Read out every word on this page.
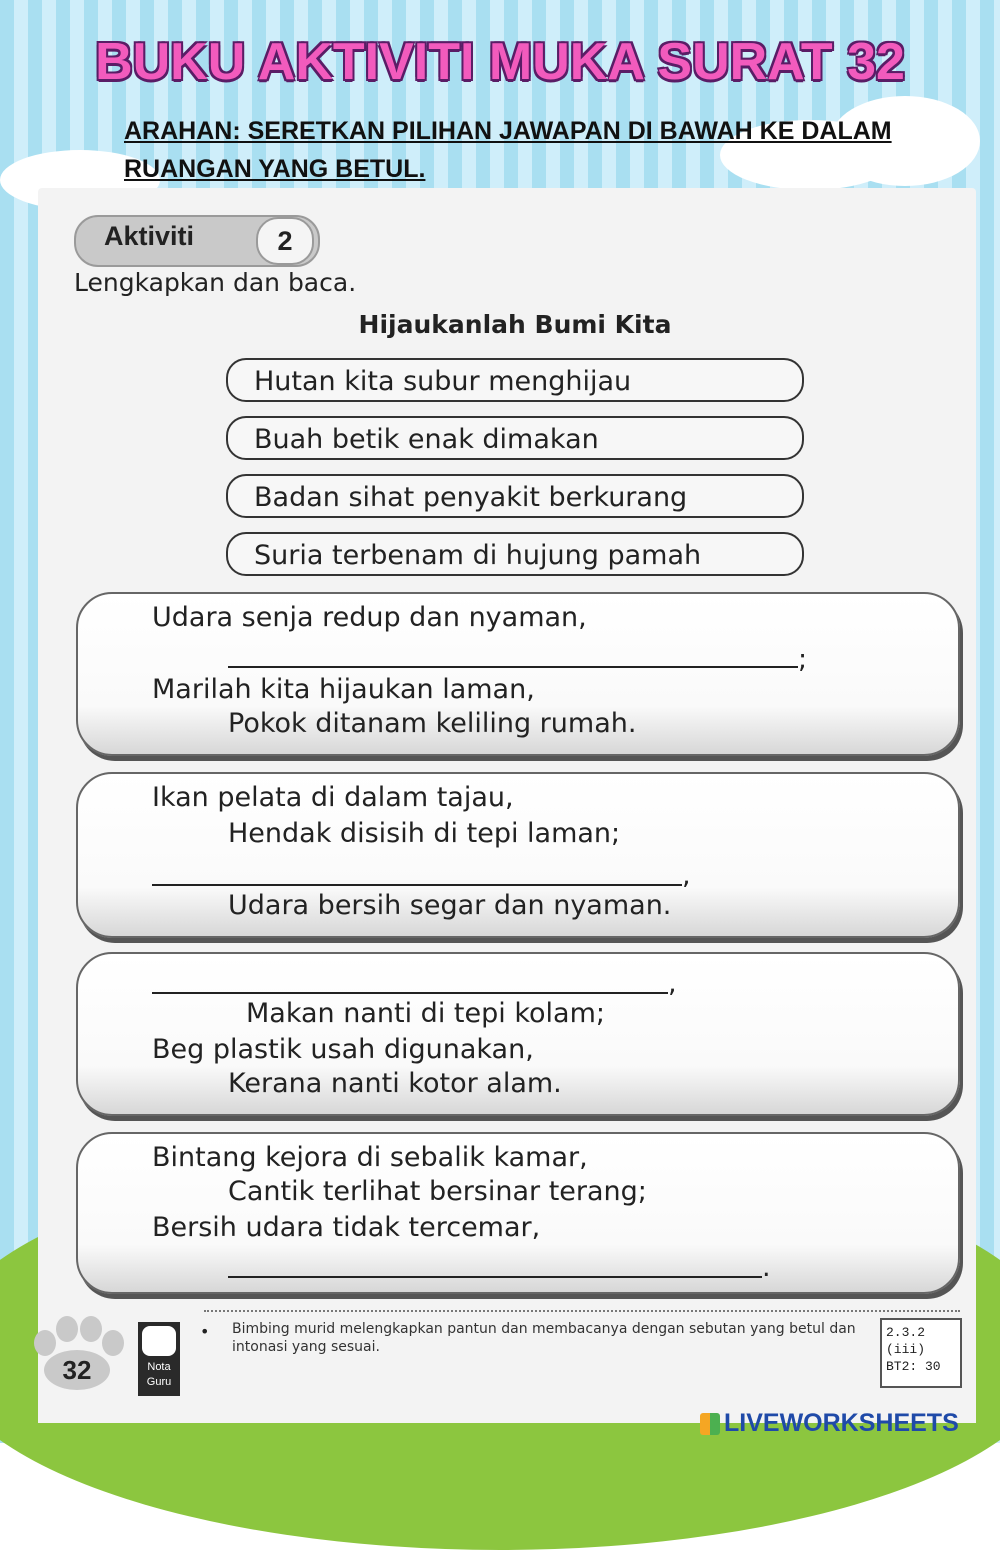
BUKU AKTIVITI MUKA SURAT 32
ARAHAN: SERETKAN PILIHAN JAWAPAN DI BAWAH KE DALAM RUANGAN YANG BETUL.
Aktiviti	2
Lengkapkan dan baca.
Hijaukanlah Bumi Kita
Hutan kita subur menghijau
Buah betik enak dimakan
Badan sihat penyakit berkurang
Suria terbenam di hujung pamah
Udara senja redup dan nyaman,
;
Marilah kita hijaukan laman,
Pokok ditanam keliling rumah.
Ikan pelata di dalam tajau,
Hendak disisih di tepi laman;
,
Udara bersih segar dan nyaman.
,
Makan nanti di tepi kolam;
Beg plastik usah digunakan,
Kerana nanti kotor alam.
Bintang kejora di sebalik kamar,
Cantik terlihat bersinar terang;
Bersih udara tidak tercemar,
.
32	Nota
Guru
• Bimbing murid melengkapkan pantun dan membacanya dengan sebutan yang betul dan intonasi yang sesuai.
2.3.2 (iii)
BT2: 30
LIVEWORKSHEETS
